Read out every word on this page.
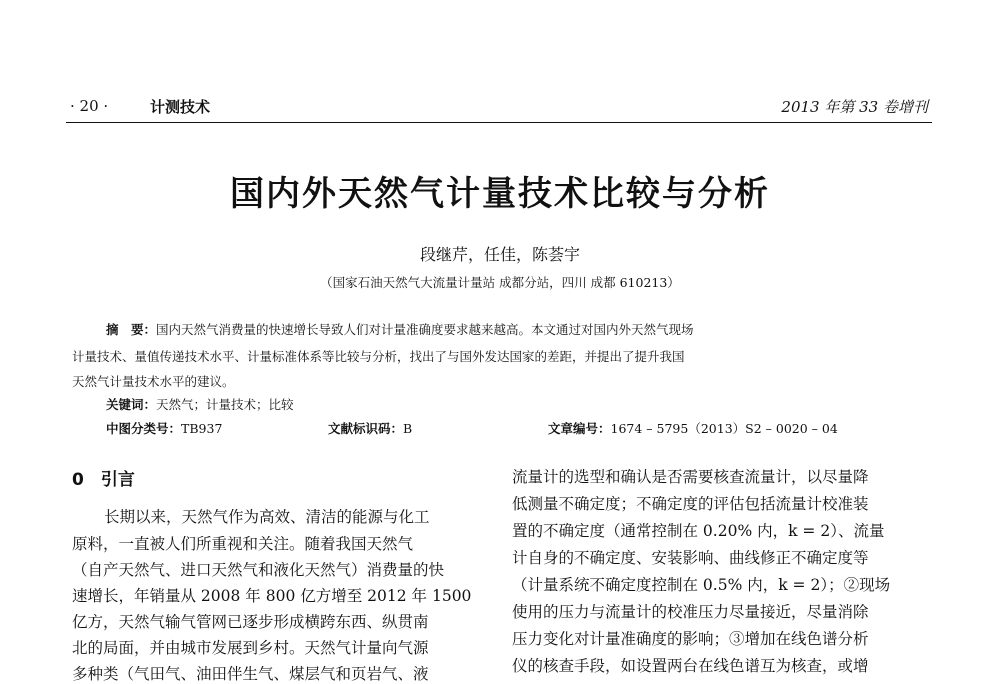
· 20 ·	计测技术	2013 年第 33 卷增刊
国内外天然气计量技术比较与分析
段继芹，任佳，陈荟宇
（国家石油天然气大流量计量站 成都分站，四川 成都 610213）
摘　要：国内天然气消费量的快速增长导致人们对计量准确度要求越来越高。本文通过对国内外天然气现场
计量技术、量值传递技术水平、计量标准体系等比较与分析，找出了与国外发达国家的差距，并提出了提升我国
天然气计量技术水平的建议。
关键词：天然气；计量技术；比较
中图分类号：TB937	文献标识码：B	文章编号：1674 – 5795（2013）S2 – 0020 – 04
0　引言
长期以来，天然气作为高效、清洁的能源与化工
原料，一直被人们所重视和关注。随着我国天然气
（自产天然气、进口天然气和液化天然气）消费量的快
速增长，年销量从 2008 年 800 亿方增至 2012 年 1500
亿方，天然气输气管网已逐步形成横跨东西、纵贯南
北的局面，并由城市发展到乡村。天然气计量向气源
多种类（气田气、油田伴生气、煤层气和页岩气、液
流量计的选型和确认是否需要核查流量计，以尽量降
低测量不确定度；不确定度的评估包括流量计校准装
置的不确定度（通常控制在 0.20% 内，k = 2）、流量
计自身的不确定度、安装影响、曲线修正不确定度等
（计量系统不确定度控制在 0.5% 内，k = 2）；②现场
使用的压力与流量计的校准压力尽量接近，尽量消除
压力变化对计量准确度的影响；③增加在线色谱分析
仪的核查手段，如设置两台在线色谱互为核查，或增
